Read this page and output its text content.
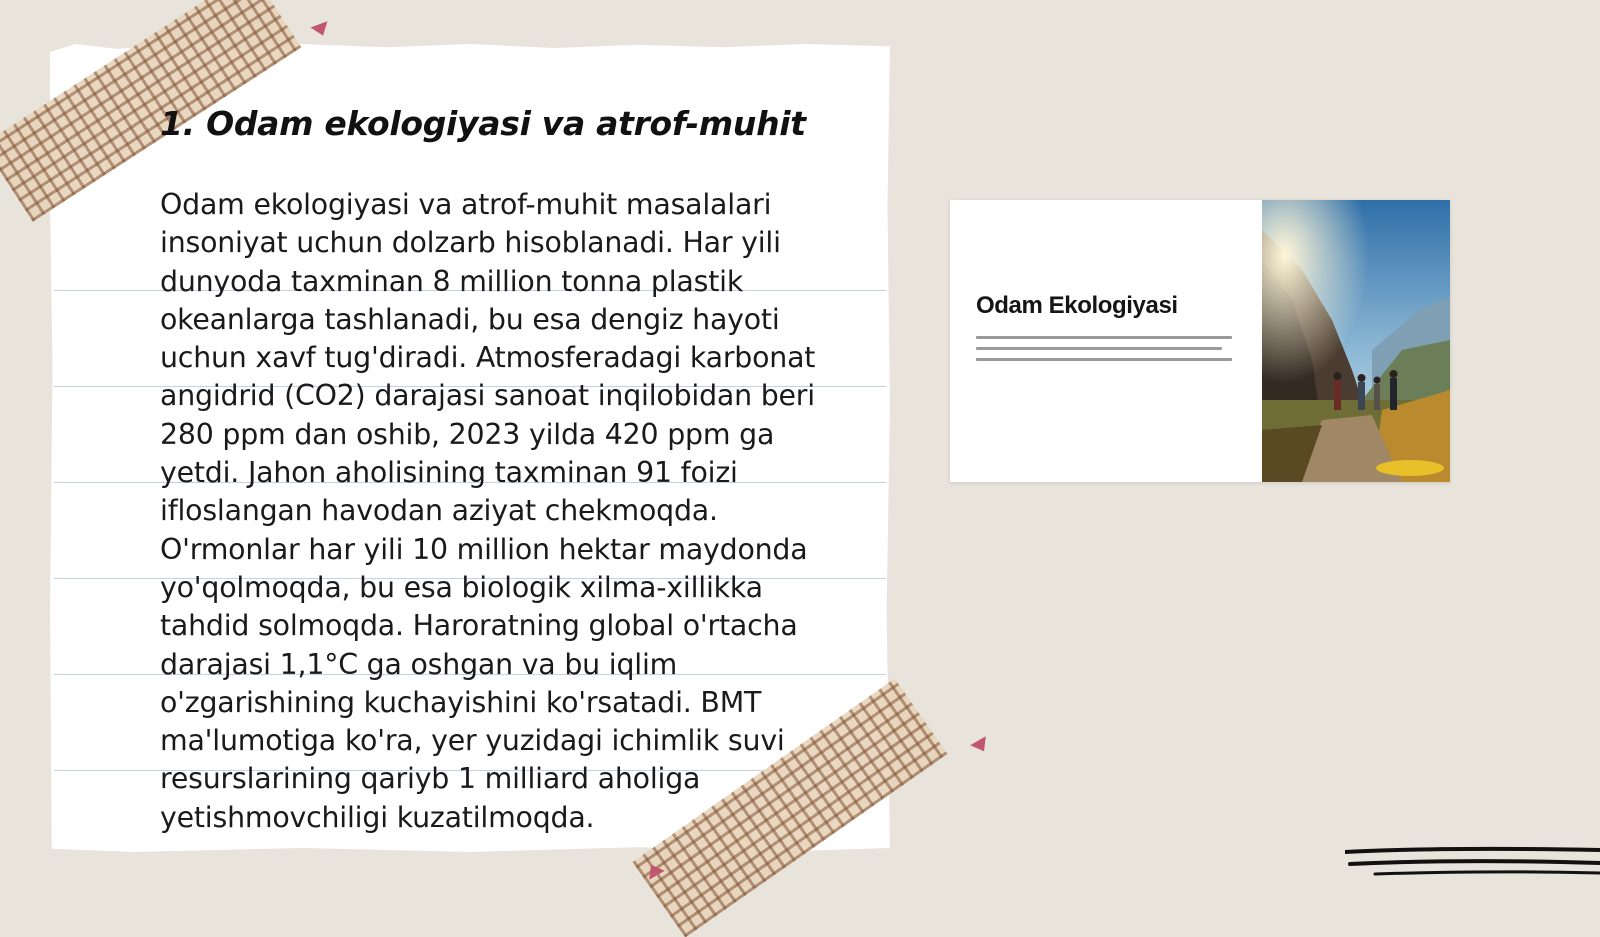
1. Odam ekologiyasi va atrof-muhit

Odam ekologiyasi va atrof-muhit masalalari insoniyat uchun dolzarb hisoblanadi. Har yili dunyoda taxminan 8 million tonna plastik okeanlarga tashlanadi, bu esa dengiz hayoti uchun xavf tug'diradi. Atmosferadagi karbonat angidrid (CO2) darajasi sanoat inqilobidan beri 280 ppm dan oshib, 2023 yilda 420 ppm ga yetdi. Jahon aholisining taxminan 91 foizi ifloslangan havodan aziyat chekmoqda. O'rmonlar har yili 10 million hektar maydonda yo'qolmoqda, bu esa biologik xilma-xillikka tahdid solmoqda. Haroratning global o'rtacha darajasi 1,1°C ga oshgan va bu iqlim o'zgarishining kuchayishini ko'rsatadi. BMT ma'lumotiga ko'ra, yer yuzidagi ichimlik suvi resurslarining qariyb 1 milliard aholiga yetishmovchiligi kuzatilmoqda.

Odam Ekologiyasi
